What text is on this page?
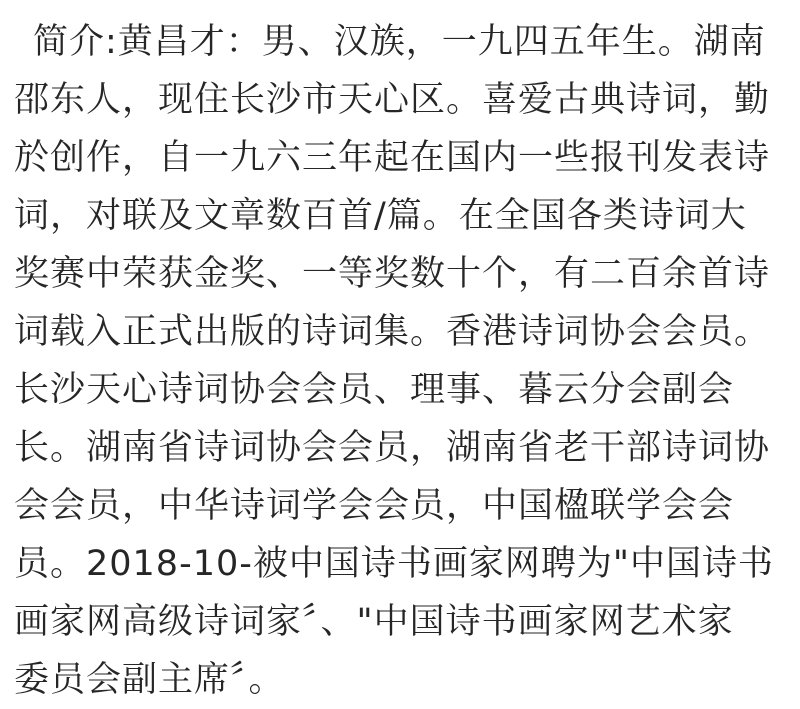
简介:黄昌才：男、汉族，一九四五年生。湖南
邵东人，现住长沙市天心区。喜爱古典诗词，勤
於创作，自一九六三年起在国内一些报刊发表诗
词，对联及文章数百首/篇。在全国各类诗词大
奖赛中荣获金奖、一等奖数十个，有二百余首诗
词载入正式出版的诗词集。香港诗词协会会员。
长沙天心诗词协会会员、理事、暮云分会副会
长。湖南省诗词协会会员，湖南省老干部诗词协
会会员，中华诗词学会会员，中国楹联学会会
员。2018-10-被中国诗书画家网聘为"中国诗书
画家网高级诗词家〞、"中国诗书画家网艺术家
委员会副主席〞。
